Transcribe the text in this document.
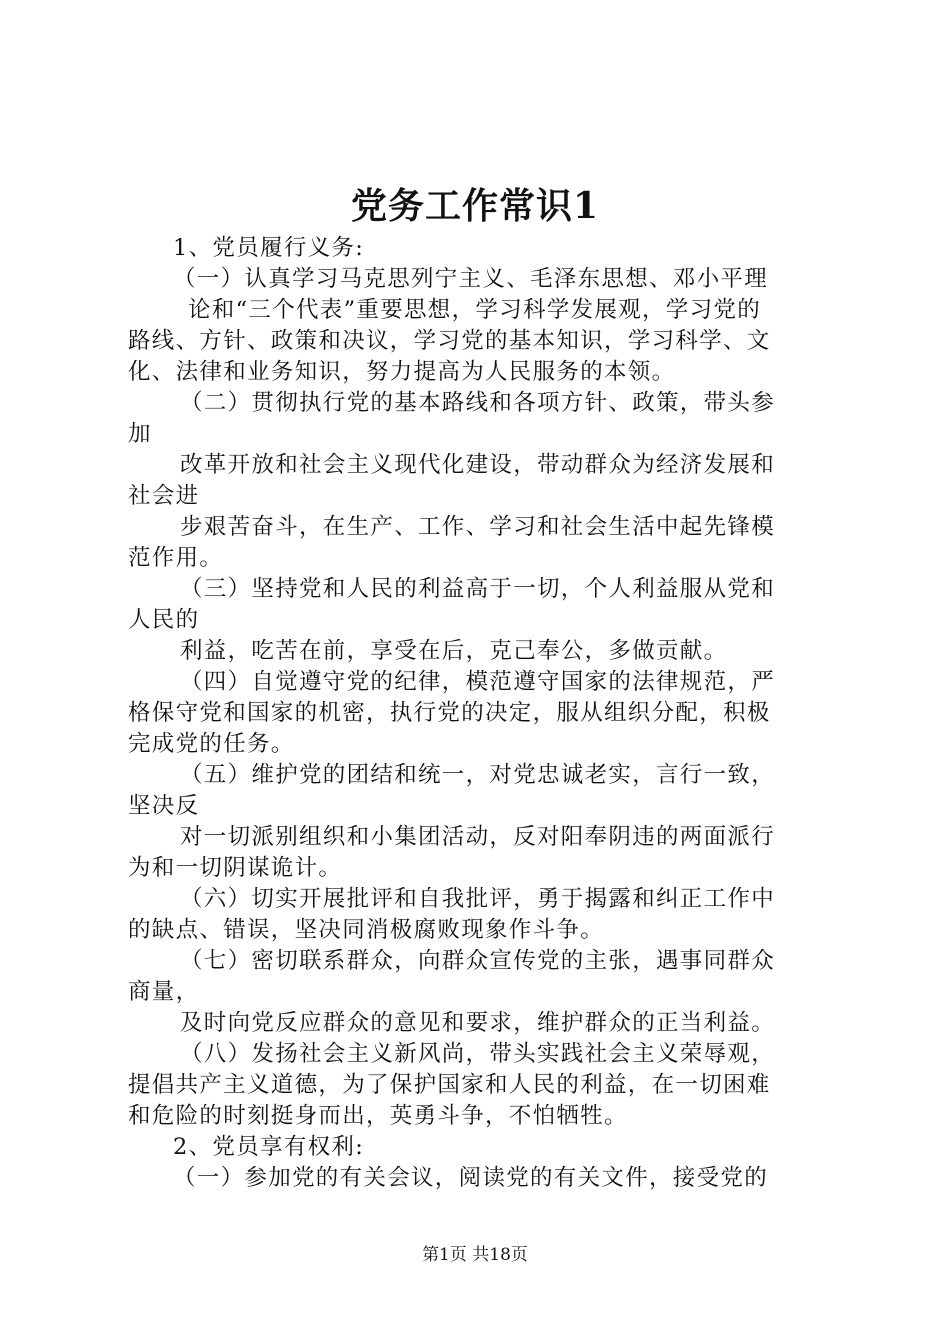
党务工作常识1
1、党员履行义务:
（一）认真学习马克思列宁主义、毛泽东思想、邓小平理
论和“三个代表”重要思想，学习科学发展观，学习党的
路线、方针、政策和决议，学习党的基本知识，学习科学、文
化、法律和业务知识，努力提高为人民服务的本领。
（二）贯彻执行党的基本路线和各项方针、政策，带头参
加
改革开放和社会主义现代化建设，带动群众为经济发展和
社会进
步艰苦奋斗，在生产、工作、学习和社会生活中起先锋模
范作用。
（三）坚持党和人民的利益高于一切，个人利益服从党和
人民的
利益，吃苦在前，享受在后，克己奉公，多做贡献。
（四）自觉遵守党的纪律，模范遵守国家的法律规范，严
格保守党和国家的机密，执行党的决定，服从组织分配，积极
完成党的任务。
（五）维护党的团结和统一，对党忠诚老实，言行一致，
坚决反
对一切派别组织和小集团活动，反对阳奉阴违的两面派行
为和一切阴谋诡计。
（六）切实开展批评和自我批评，勇于揭露和纠正工作中
的缺点、错误，坚决同消极腐败现象作斗争。
（七）密切联系群众，向群众宣传党的主张，遇事同群众
商量，
及时向党反应群众的意见和要求，维护群众的正当利益。
（八）发扬社会主义新风尚，带头实践社会主义荣辱观，
提倡共产主义道德，为了保护国家和人民的利益，在一切困难
和危险的时刻挺身而出，英勇斗争，不怕牺牲。
2、党员享有权利:
（一）参加党的有关会议，阅读党的有关文件，接受党的
第1页 共18页
